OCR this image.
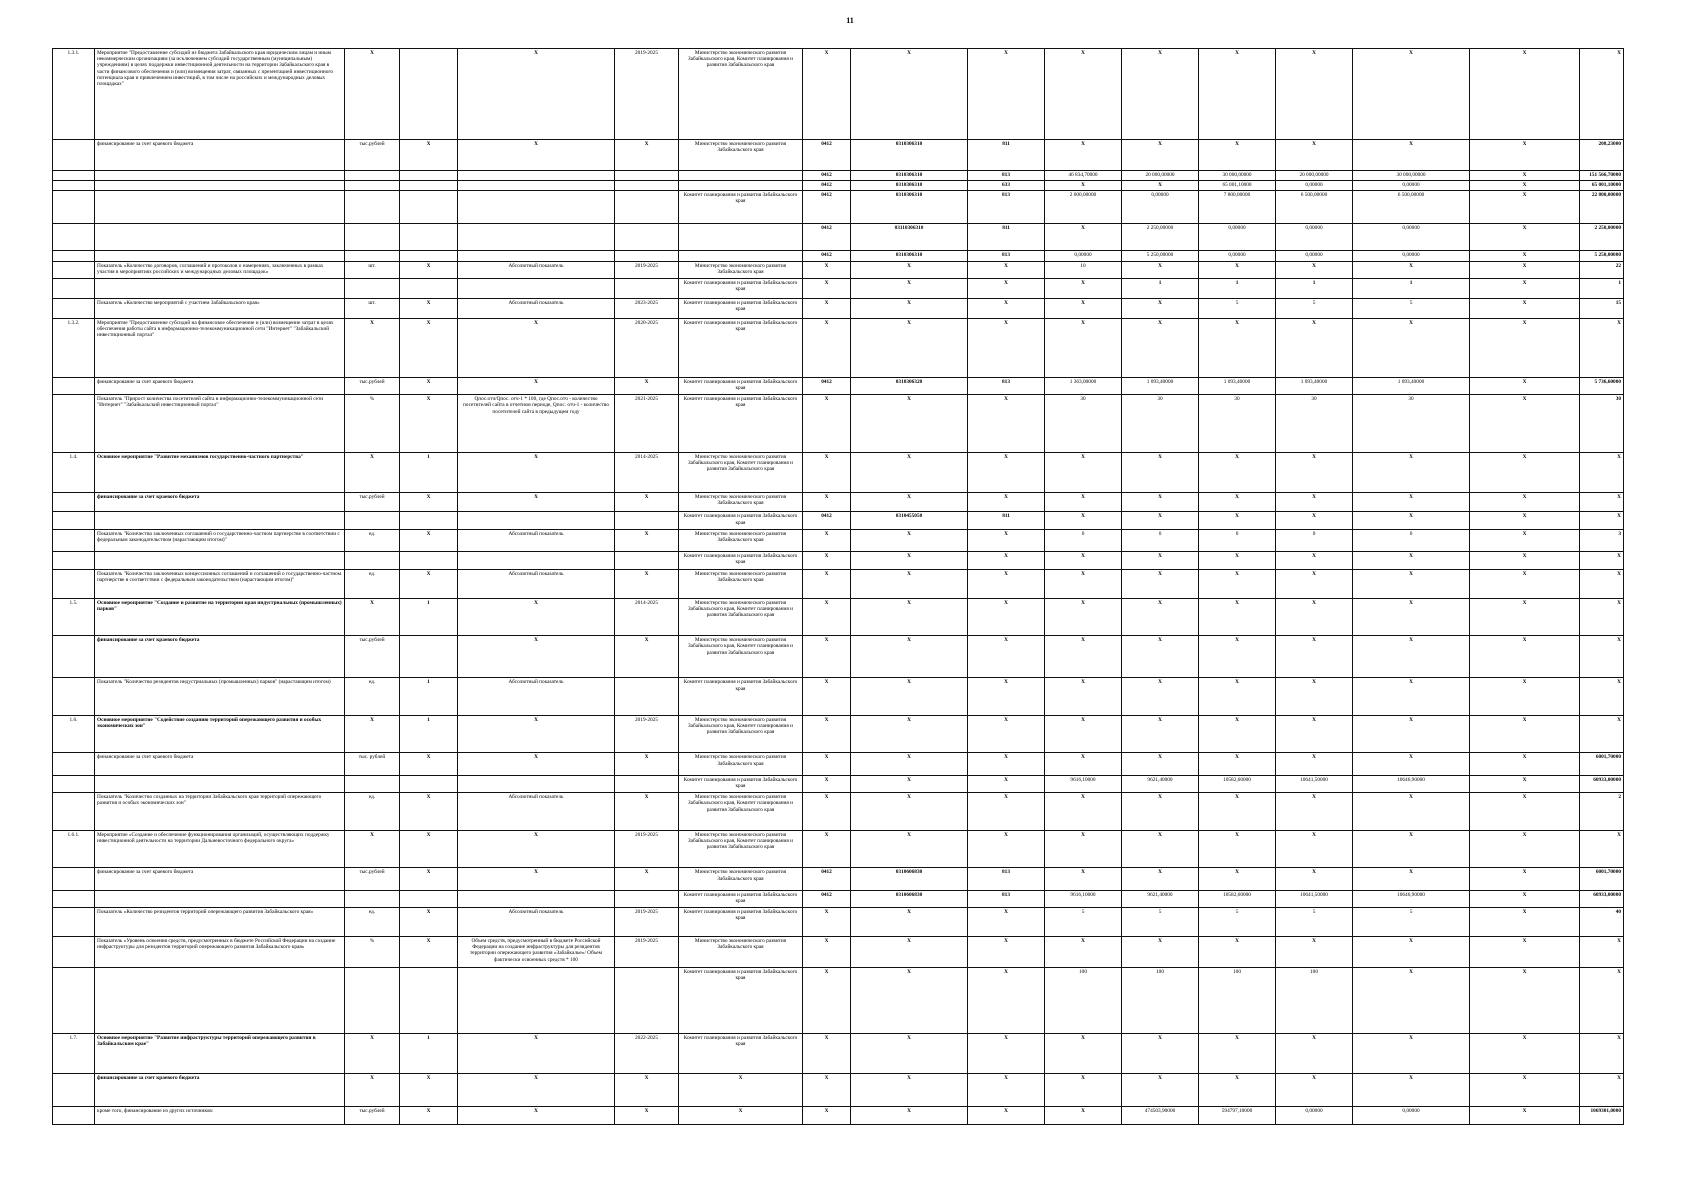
11
1.3.1.	Мероприятие "Предоставление субсидий из бюджета Забайкальского края юридическим лицам и иным некоммерческим организациям (за исключением субсидий государственным (муниципальным) учреждениям) в целях поддержки инвестиционной деятельности на территории Забайкальского края в части финансового обеспечения и (или) возмещения затрат, связанных с презентацией инвестиционного потенциала края и привлечением инвестиций, в том числе на российских и международных деловых площадках"	X		X	2019-2025	Министерство экономического развития Забайкальского края, Комитет планирования и развития Забайкальского края	X	X	X	X	X	X	X	X	X	X
	финансирование за счет краевого бюджета	тыс.рублей	X	X	X	Министерство экономического развития Забайкальского края	0412	0310306310	811	X	X	X	X	X	X	208,23000
							0412	0310306310	813	46 834,70000	20 000,00000	30 000,00000	20 000,00000	30 000,00000	X	151 566,70000
							0412	0310306310	633	X	X	65 001,10000	0,00000	0,00000	X	65 001,10000
						Комитет планирования и развития Забайкальского края	0412	0310306310	813	2 000,00000	0,00000	7 800,00000	6 500,00000	6 500,00000	X	22 800,00000
							0412	03110306310	811	X	2 250,00000	0,00000	0,00000	0,00000	X	2 250,00000
							0412	0310306310	813	0,00000	5 250,00000	0,00000	0,00000	0,00000	X	5 250,00000
	Показатель «Количество договоров, соглашений и протоколов о намерениях, заключенных в рамках участия в мероприятиях российских и международных деловых площадок»	шт.	X	Абсолютный показатель	2019-2025	Министерство экономического развития Забайкальского края	X	X	X	10	X	X	X	X	X	22
						Комитет планирования и развития Забайкальского края	X	X	X	X	1	1	1	1	X	1
	Показатель «Количество мероприятий с участием Забайкальского края»	шт.	X	Абсолютный показатель	2023-2025	Комитет планирования и развития Забайкальского края	X	X	X	X	X	5	5	5	X	15
1.3.2.	Мероприятие "Предоставление субсидий на финансовое обеспечение и (или) возмещение затрат в целях обеспечения работы сайта в информационно-телекоммуникационной сети "Интернет" "Забайкальский инвестиционный портал"	X	X	X	2020-2025	Комитет планирования и развития Забайкальского края	X	X	X	X	X	X	X	X	X	X
	финансирование за счет краевого бюджета	тыс.рублей	X	X	X	Комитет планирования и развития Забайкальского края	0412	0310306320	813	1 363,00000	1 093,40000	1 093,40000	1 093,40000	1 093,40000	X	5 736,60000
	Показатель "Прирост количества посетителей сайта в информационно-телекоммуникационной сети "Интернет" "Забайкальский инвестиционный портал"	%	X	Qпос.отч/Qпос. отч-1 * 100, где Qпос.отч - количество посетителей сайта в отчетном периоде, Qпос. отч-1 - количество посетителей сайта в предыдущем году	2021-2025	Комитет планирования и развития Забайкальского края	X	X	X	30	30	30	30	30	X	30
1.4.	Основное мероприятие "Развитие механизмов государственно-частного партнерства"	X	1	X	2014-2025	Министерство экономического развития Забайкальского края, Комитет планирования и развития Забайкальского края	X	X	X	X	X	X	X	X	X	X
	финансирование за счет краевого бюджета	тыс.рублей	X	X	X	Министерство экономического развития Забайкальского края	X	X	X	X	X	X	X	X	X	X
						Комитет планирования и развития Забайкальского края	0412	0310455050	811	X	X	X	X	X	X	X
	Показатель "Количество заключенных соглашений о государственно-частном партнерстве в соответствии с федеральным законодательством (нарастающим итогом)"	ед.	X	Абсолютный показатель	X	Министерство экономического развития Забайкальского края	X	X	X	0	0	0	0	0	X	3
						Комитет планирования и развития Забайкальского края	X	X	X	X	X	X	X	X	X	X
	Показатель "Количество заключенных концессионных соглашений и соглашений о государственно-частном партнерстве в соответствии с федеральным законодательством (нарастающим итогом)"	ед.	X	Абсолютный показатель	X	Министерство экономического развития Забайкальского края	X	X	X	X	X	X	X	X	X	X
1.5.	Основное мероприятие "Создание и развитие на территории края индустриальных (промышленных) парков"	X	1	X	2014-2025	Министерство экономического развития Забайкальского края, Комитет планирования и развития Забайкальского края	X	X	X	X	X	X	X	X	X	X
	финансирование за счет краевого бюджета	тыс.рублей		X	X	Министерство экономического развития Забайкальского края, Комитет планирования и развития Забайкальского края	X	X	X	X	X	X	X	X	X	X
	Показатель "Количество резидентов индустриальных (промышленных) парков" (нарастающим итогом)	ед.	1	Абсолютный показатель		Комитет планирования и развития Забайкальского края	X	X	X	X	X	X	X	X	X	X
1.6.	Основное мероприятие "Содействие созданию территорий опережающего развития и особых экономических зон"	X	1	X	2019-2025	Министерство экономического развития Забайкальского края, Комитет планирования и развития Забайкальского края	X	X	X	X	X	X	X	X	X	X
	финансирование за счет краевого бюджета	тыс. рублей	X	X	X	Министерство экономического развития Забайкальского края	X	X	X	X	X	X	X	X	X	6001,70000
						Комитет планирования и развития Забайкальского края	X	X	X	9616,10000	9621,40000	10582,60000	10641,50000	10646,90000	X	60933,00000
	Показатель "Количество созданных на территории Забайкальского края территорий опережающего развития и особых экономических зон"	ед.	X	Абсолютный показатель	X	Министерство экономического развития Забайкальского края, Комитет планирования и развития Забайкальского края	X	X	X	X	X	X	X	X	X	2
1.6.1.	Мероприятие «Создание и обеспечение функционирования организаций, осуществляющих поддержку инвестиционной деятельности на территории Дальневосточного федерального округа»	X	X	X	2019-2025	Министерство экономического развития Забайкальского края, Комитет планирования и развития Забайкальского края	X	X	X	X	X	X	X	X	X	X
	финансирование за счет краевого бюджета	тыс.рублей	X	X	X	Министерство экономического развития Забайкальского края	0412	0310606830	813	X	X	X	X	X	X	6001,70000
						Комитет планирования и развития Забайкальского края	0412	0310606830	813	9616,10000	9621,40000	10582,60000	10641,50000	10646,90000	X	60933,00000
	Показатель «Количество резидентов территорий опережающего развития Забайкальского края»	ед.	X	Абсолютный показатель	2019-2025	Комитет планирования и развития Забайкальского края	X	X	X	5	5	5	5	5	X	40
	Показатель «Уровень освоения средств, предусмотренных в бюджете Российской Федерации на создание инфраструктуры для резидентов территорий опережающего развития Забайкальского края»	%	X	Объем средств, предусмотренный в бюджете Российской Федерации на создание инфраструктуры для резидентов территории опережающего развития «Забайкалье»/ Объем фактически освоенных средств * 100	2019-2025	Министерство экономического развития Забайкальского края	X	X	X	X	X	X	X	X	X	X
						Комитет планирования и развития Забайкальского края	X	X	X	100	100	100	100	X	X	X
1.7.	Основное мероприятие "Развитие инфраструктуры территорий опережающего развития в Забайкальском крае"	X	1	X	2022-2025	Комитет планирования и развития Забайкальского края	X	X	X	X	X	X	X	X	X	X
	финансирование за счет краевого бюджета	X	X	X	X	X	X	X	X	X	X	X	X	X	X	X
	кроме того, финансирование из других источников:	тыс.рублей	X	X	X	X	X	X	X	X	474503,90000	594797,10000	0,00000	0,00000	X	1069301,0000
